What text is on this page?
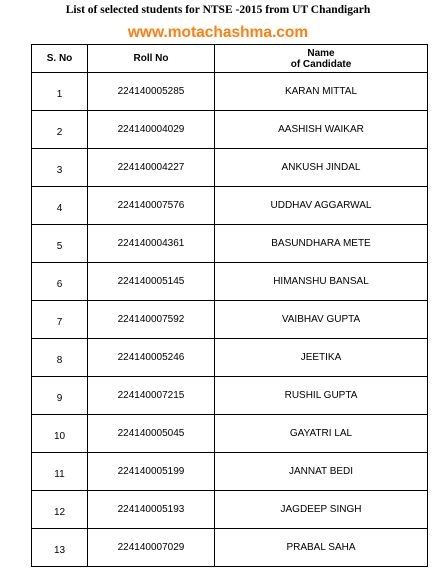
List of selected students for NTSE -2015 from UT Chandigarh
www.motachashma.com
S. No	Roll No	Name
of Candidate

1	224140005285	KARAN MITTAL
2	224140004029	AASHISH WAIKAR
3	224140004227	ANKUSH JINDAL
4	224140007576	UDDHAV AGGARWAL
5	224140004361	BASUNDHARA METE
6	224140005145	HIMANSHU BANSAL
7	224140007592	VAIBHAV GUPTA
8	224140005246	JEETIKA
9	224140007215	RUSHIL GUPTA
10	224140005045	GAYATRI LAL
11	224140005199	JANNAT BEDI
12	224140005193	JAGDEEP SINGH
13	224140007029	PRABAL SAHA
